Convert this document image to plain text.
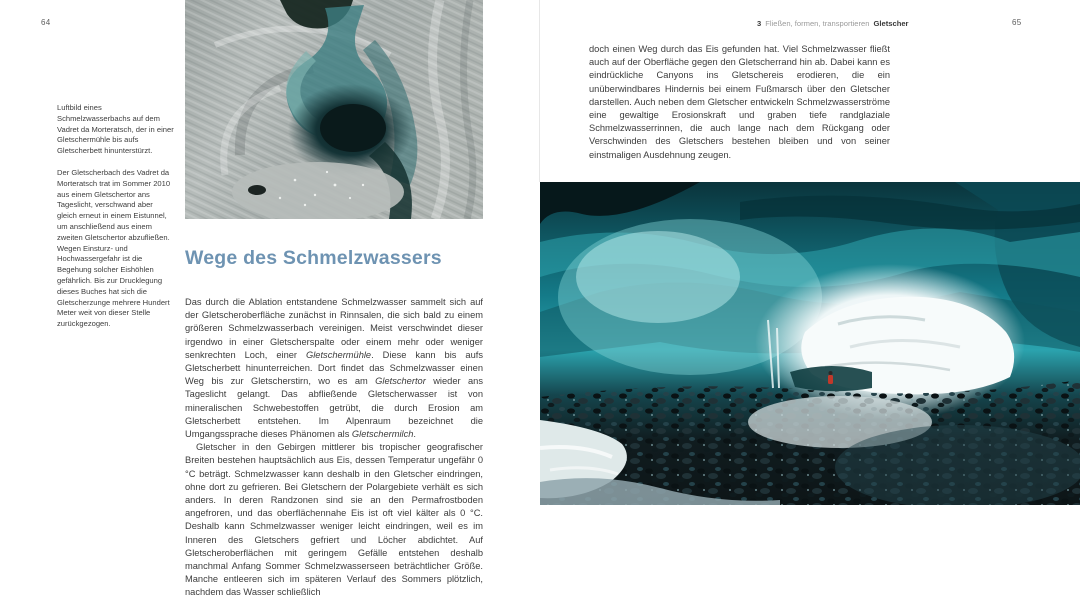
64

Luftbild eines Schmelzwasserbachs auf dem Vadret da Morteratsch, der in einer Gletschermühle bis aufs Gletscherbett hinunterstürzt.

Der Gletscherbach des Vadret da Morteratsch trat im Sommer 2010 aus einem Gletschertor ans Tageslicht, verschwand aber gleich erneut in einem Eistunnel, um anschließend aus einem zweiten Gletschertor abzufließen. Wegen Einsturz- und Hochwassergefahr ist die Begehung solcher Eishöhlen gefährlich. Bis zur Drucklegung dieses Buches hat sich die Gletscherzunge mehrere Hundert Meter weit von dieser Stelle zurückgezogen.

Wege des Schmelzwassers

Das durch die Ablation entstandene Schmelzwasser sammelt sich auf der Gletscheroberfläche zunächst in Rinnsalen, die sich bald zu einem größeren Schmelzwasserbach vereinigen. Meist verschwindet dieser irgendwo in einer Gletscherspalte oder einem mehr oder weniger senkrechten Loch, einer Gletschermühle. Diese kann bis aufs Gletscherbett hinunterreichen. Dort findet das Schmelzwasser einen Weg bis zur Gletscherstirn, wo es am Gletschertor wieder ans Tageslicht gelangt. Das abfließende Gletscherwasser ist von mineralischen Schwebestoffen getrübt, die durch Erosion am Gletscherbett entstehen. Im Alpenraum bezeichnet die Umgangssprache dieses Phänomen als Gletschermilch.

Gletscher in den Gebirgen mittlerer bis tropischer geografischer Breiten bestehen hauptsächlich aus Eis, dessen Temperatur ungefähr 0 °C beträgt. Schmelzwasser kann deshalb in den Gletscher eindringen, ohne dort zu gefrieren. Bei Gletschern der Polargebiete verhält es sich anders. In deren Randzonen sind sie an den Permafrostboden angefroren, und das oberflächennahe Eis ist oft viel kälter als 0 °C. Deshalb kann Schmelzwasser weniger leicht eindringen, weil es im Inneren des Gletschers gefriert und Löcher abdichtet. Auf Gletscheroberflächen mit geringem Gefälle entstehen deshalb manchmal Anfang Sommer Schmelzwasserseen beträchtlicher Größe. Manche entleeren sich im späteren Verlauf des Sommers plötzlich, nachdem das Wasser schließlich

3 Fließen, formen, transportieren Gletscher	65

doch einen Weg durch das Eis gefunden hat. Viel Schmelzwasser fließt auch auf der Oberfläche gegen den Gletscherrand hin ab. Dabei kann es eindrückliche Canyons ins Gletschereis erodieren, die ein unüberwindbares Hindernis bei einem Fußmarsch über den Gletscher darstellen. Auch neben dem Gletscher entwickeln Schmelzwasserströme eine gewaltige Erosionskraft und graben tiefe randglaziale Schmelzwasserrinnen, die auch lange nach dem Rückgang oder Verschwinden des Gletschers bestehen bleiben und von seiner einstmaligen Ausdehnung zeugen.
